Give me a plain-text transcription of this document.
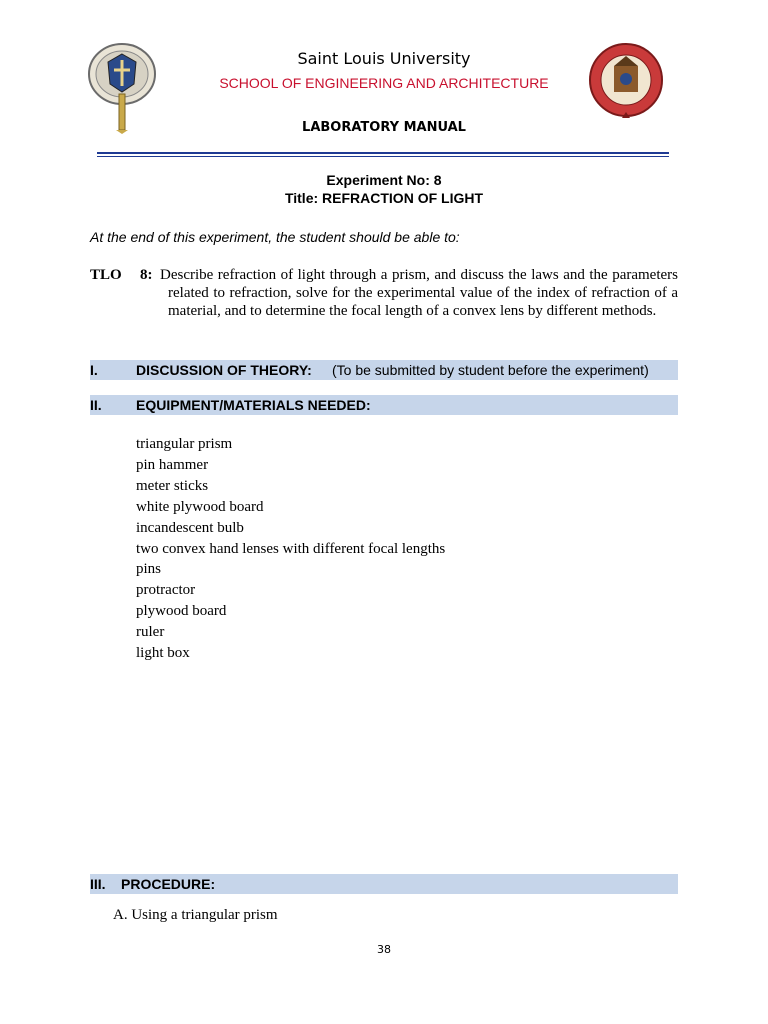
Saint Louis University
SCHOOL OF ENGINEERING AND ARCHITECTURE
LABORATORY MANUAL
Experiment No: 8
Title: REFRACTION OF LIGHT
At the end of this experiment, the student should be able to:
TLO 8: Describe refraction of light through a prism, and discuss the laws and the parameters related to refraction, solve for the experimental value of the index of refraction of a material, and to determine the focal length of a convex lens by different methods.
I.	DISCUSSION OF THEORY: (To be submitted by student before the experiment)
II. EQUIPMENT/MATERIALS NEEDED:
triangular prism
pin hammer
meter sticks
white plywood board
incandescent bulb
two convex hand lenses with different focal lengths
pins
protractor
plywood board
ruler
light box
III. PROCEDURE:
A. Using a triangular prism
38
